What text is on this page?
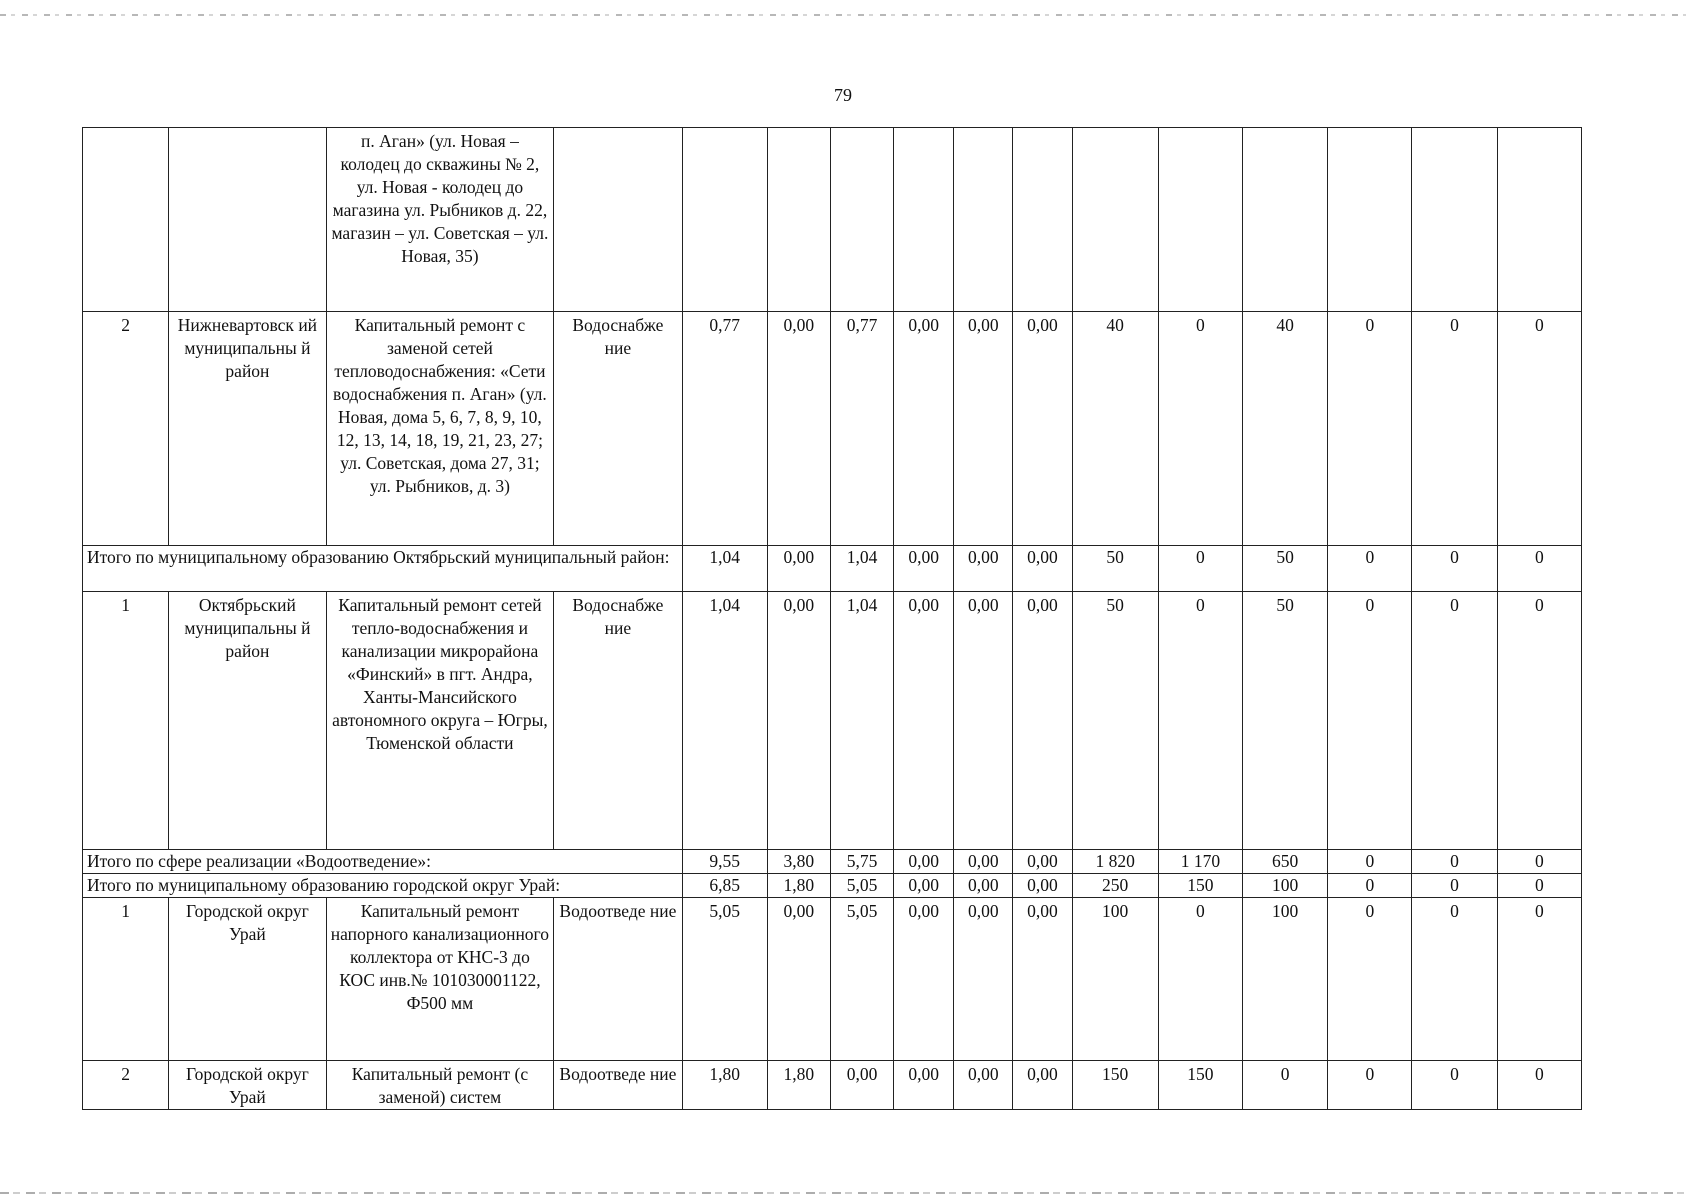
79
		п. Аган» (ул. Новая – колодец до скважины № 2, ул. Новая - колодец до магазина ул. Рыбников д. 22, магазин – ул. Советская – ул. Новая, 35)													
2	Нижневартовск ий муниципальны й район	Капитальный ремонт с заменой сетей тепловодоснабжения: «Сети водоснабжения п. Аган» (ул. Новая, дома 5, 6, 7, 8, 9, 10, 12, 13, 14, 18, 19, 21, 23, 27; ул. Советская, дома 27, 31; ул. Рыбников, д. 3)	Водоснабже ние	0,77	0,00	0,77	0,00	0,00	0,00	40	0	40	0	0	0
Итого по муниципальному образованию Октябрьский муниципальный район:				1,04	0,00	1,04	0,00	0,00	0,00	50	0	50	0	0	0
1	Октябрьский муниципальны й район	Капитальный ремонт сетей тепло-водоснабжения и канализации микрорайона «Финский» в пгт. Андра, Ханты-Мансийского автономного округа – Югры, Тюменской области	Водоснабже ние	1,04	0,00	1,04	0,00	0,00	0,00	50	0	50	0	0	0
Итого по сфере реализации «Водоотведение»:				9,55	3,80	5,75	0,00	0,00	0,00	1 820	1 170	650	0	0	0
Итого по муниципальному образованию городской округ Урай:				6,85	1,80	5,05	0,00	0,00	0,00	250	150	100	0	0	0
1	Городской округ Урай	Капитальный ремонт напорного канализационного коллектора от КНС-3 до КОС инв.№ 101030001122, Ф500 мм	Водоотведе ние	5,05	0,00	5,05	0,00	0,00	0,00	100	0	100	0	0	0
2	Городской округ Урай	Капитальный ремонт (с заменой) систем	Водоотведе ние	1,80	1,80	0,00	0,00	0,00	0,00	150	150	0	0	0	0
